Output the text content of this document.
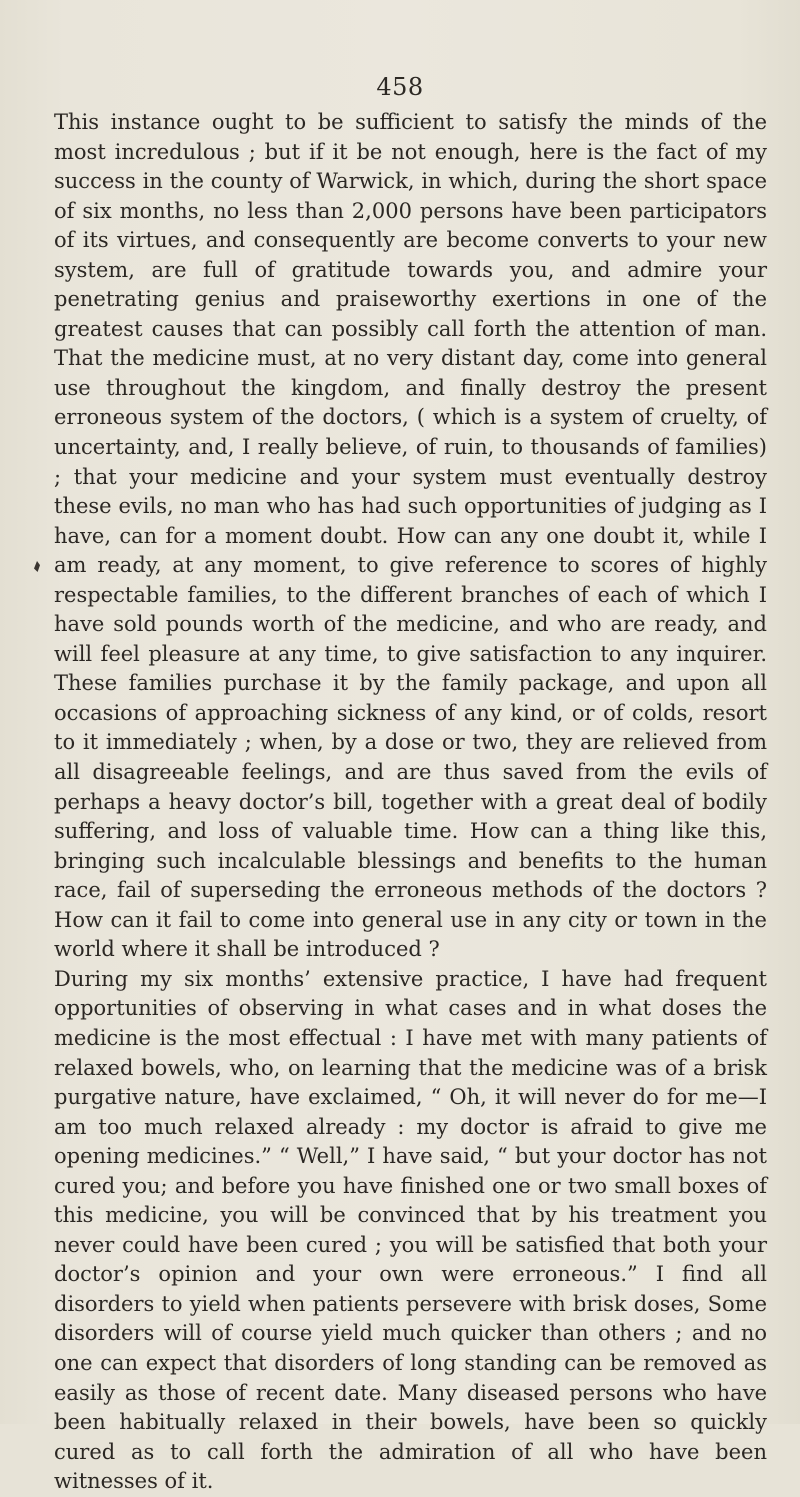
458

This instance ought to be sufficient to satisfy the minds of the most incredulous ; but if it be not enough, here is the fact of my success in the county of Warwick, in which, during the short space of six months, no less than 2,000 persons have been participators of its virtues, and consequently are become converts to your new system, are full of gratitude towards you, and admire your penetrating genius and praiseworthy exertions in one of the greatest causes that can possibly call forth the attention of man. That the medicine must, at no very distant day, come into general use throughout the kingdom, and finally destroy the present erroneous system of the doctors, ( which is a system of cruelty, of uncertainty, and, I really believe, of ruin, to thousands of families) ; that your medicine and your system must eventually destroy these evils, no man who has had such opportunities of judging as I have, can for a moment doubt. How can any one doubt it, while I am ready, at any moment, to give reference to scores of highly respectable families, to the different branches of each of which I have sold pounds worth of the medicine, and who are ready, and will feel pleasure at any time, to give satisfaction to any inquirer. These families purchase it by the family package, and upon all occasions of approaching sickness of any kind, or of colds, resort to it immediately ; when, by a dose or two, they are relieved from all disagreeable feelings, and are thus saved from the evils of perhaps a heavy doctor’s bill, together with a great deal of bodily suffering, and loss of valuable time. How can a thing like this, bringing such incalculable blessings and benefits to the human race, fail of superseding the erroneous methods of the doctors ? How can it fail to come into general use in any city or town in the world where it shall be introduced ?

During my six months’ extensive practice, I have had frequent opportunities of observing in what cases and in what doses the medicine is the most effectual : I have met with many patients of relaxed bowels, who, on learning that the medicine was of a brisk purgative nature, have exclaimed, “ Oh, it will never do for me—I am too much relaxed already : my doctor is afraid to give me opening medicines.” “ Well,” I have said, “ but your doctor has not cured you; and before you have finished one or two small boxes of this medicine, you will be convinced that by his treatment you never could have been cured ; you will be satisfied that both your doctor’s opinion and your own were erroneous.” I find all disorders to yield when patients persevere with brisk doses, Some disorders will of course yield much quicker than others ; and no one can expect that disorders of long standing can be removed as easily as those of recent date. Many diseased persons who have been habitually relaxed in their bowels, have been so quickly cured as to call forth the admiration of all who have been witnesses of it.
